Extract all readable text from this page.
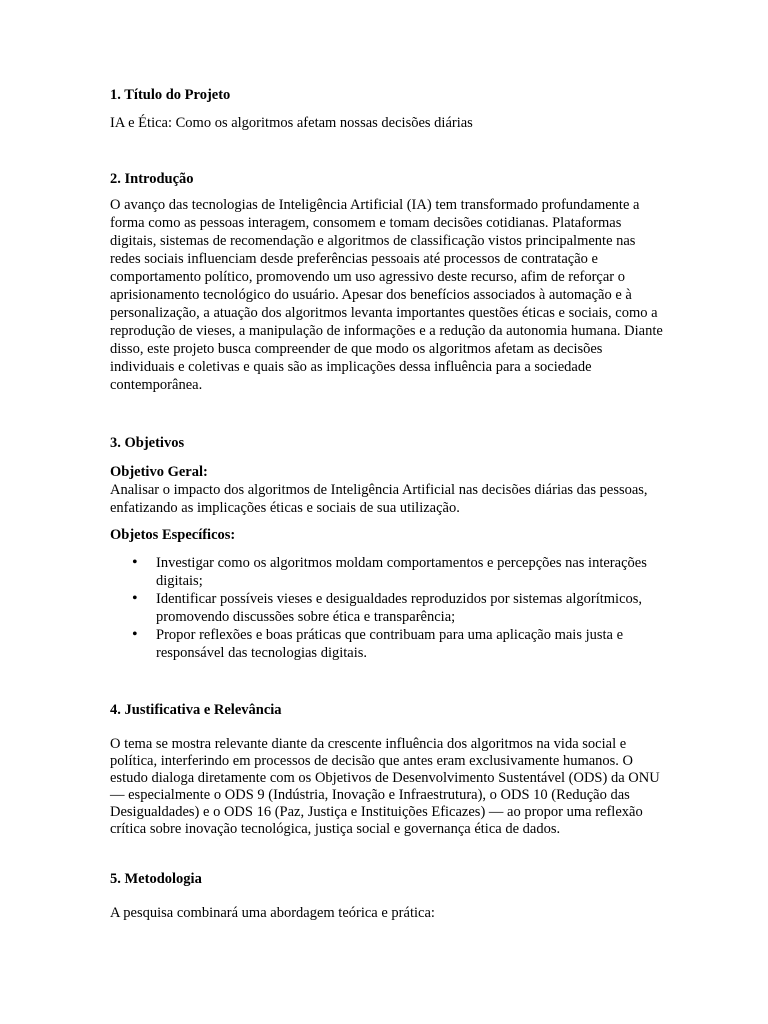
1. Título do Projeto

IA e Ética: Como os algoritmos afetam nossas decisões diárias

2. Introdução

O avanço das tecnologias de Inteligência Artificial (IA) tem transformado profundamente a forma como as pessoas interagem, consomem e tomam decisões cotidianas. Plataformas digitais, sistemas de recomendação e algoritmos de classificação vistos principalmente nas redes sociais influenciam desde preferências pessoais até processos de contratação e comportamento político, promovendo um uso agressivo deste recurso, afim de reforçar o aprisionamento tecnológico do usuário. Apesar dos benefícios associados à automação e à personalização, a atuação dos algoritmos levanta importantes questões éticas e sociais, como a reprodução de vieses, a manipulação de informações e a redução da autonomia humana. Diante disso, este projeto busca compreender de que modo os algoritmos afetam as decisões individuais e coletivas e quais são as implicações dessa influência para a sociedade contemporânea.

3. Objetivos

Objetivo Geral:

Analisar o impacto dos algoritmos de Inteligência Artificial nas decisões diárias das pessoas, enfatizando as implicações éticas e sociais de sua utilização.

Objetos Específicos:

•
Investigar como os algoritmos moldam comportamentos e percepções nas interações digitais;
•
Identificar possíveis vieses e desigualdades reproduzidos por sistemas algorítmicos, promovendo discussões sobre ética e transparência;
•
Propor reflexões e boas práticas que contribuam para uma aplicação mais justa e responsável das tecnologias digitais.

4. Justificativa e Relevância

O tema se mostra relevante diante da crescente influência dos algoritmos na vida social e política, interferindo em processos de decisão que antes eram exclusivamente humanos. O estudo dialoga diretamente com os Objetivos de Desenvolvimento Sustentável (ODS) da ONU — especialmente o ODS 9 (Indústria, Inovação e Infraestrutura), o ODS 10 (Redução das Desigualdades) e o ODS 16 (Paz, Justiça e Instituições Eficazes) — ao propor uma reflexão crítica sobre inovação tecnológica, justiça social e governança ética de dados.

5. Metodologia

A pesquisa combinará uma abordagem teórica e prática:
